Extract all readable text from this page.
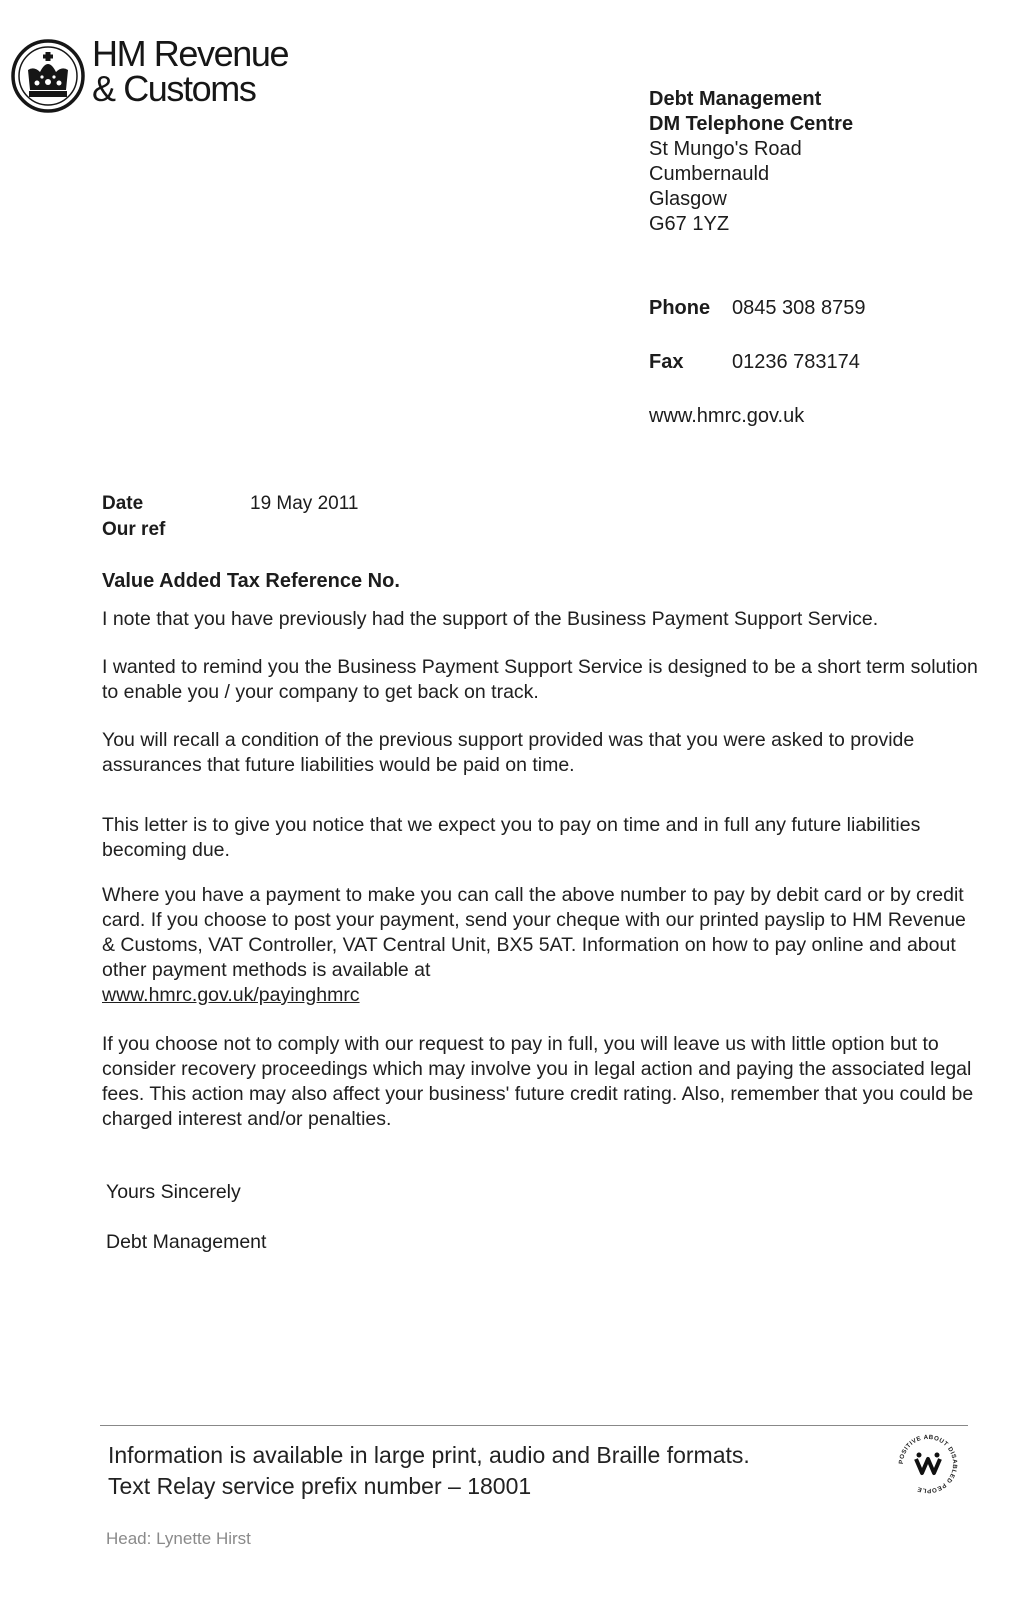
HM Revenue
& Customs	Debt Management
DM Telephone Centre
St Mungo's Road
Cumbernauld
Glasgow
G67 1YZ
Phone 0845 308 8759
Fax 01236 783174
www.hmrc.gov.uk
Date	19 May 2011
Our ref
Value Added Tax Reference No.
I note that you have previously had the support of the Business Payment Support Service.
I wanted to remind you the Business Payment Support Service is designed to be a short term solution to enable you / your company to get back on track.
You will recall a condition of the previous support provided was that you were asked to provide assurances that future liabilities would be paid on time.
This letter is to give you notice that we expect you to pay on time and in full any future liabilities becoming due.
Where you have a payment to make you can call the above number to pay by debit card or by credit card. If you choose to post your payment, send your cheque with our printed payslip to HM Revenue & Customs, VAT Controller, VAT Central Unit, BX5 5AT. Information on how to pay online and about other payment methods is available at
www.hmrc.gov.uk/payinghmrc
If you choose not to comply with our request to pay in full, you will leave us with little option but to consider recovery proceedings which may involve you in legal action and paying the associated legal fees. This action may also affect your business' future credit rating. Also, remember that you could be charged interest and/or penalties.
Yours Sincerely
Debt Management
Information is available in large print, audio and Braille formats.
Text Relay service prefix number – 18001
POSITIVE ABOUT DISABLED PEOPLE
Head: Lynette Hirst
